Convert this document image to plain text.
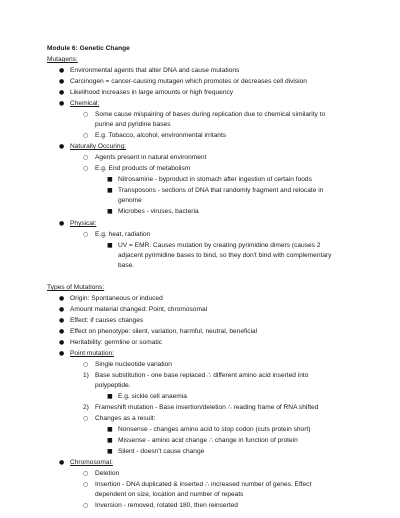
Module 6: Genetic Change
Mutagens:
● Environmental agents that alter DNA and cause mutations
● Carcinogen = cancer-causing mutagen which promotes or decreases cell division
● Likelihood increases in large amounts or high frequency
● Chemical:
○ Some cause mispairing of bases during replication due to chemical similarity to
purine and pyridine bases
○ E.g. Tobacco, alcohol, environmental irritants
● Naturally Occuring:
○ Agents present in natural environment
○ E.g. End products of metabolism
■ Nitrosamine - byproduct in stomach after ingestion of certain foods
■ Transposons - sections of DNA that randomly fragment and relocate in
genome
■ Microbes - viruses, bacteria
● Physical:
○ E.g. heat, radiation
■ UV = EMR. Causes mutation by creating pyrimidine dimers (causes 2
adjacent pyrimidine bases to bind, so they don't bind with complementary
base.
Types of Mutations:
● Origin: Spontaneous or induced
● Amount material changed: Point, chromosomal
● Effect: if causes changes
● Effect on phenotype: silent, variation, harmful, neutral, beneficial
● Heritability: germline or somatic
● Point mutation:
○ Single nucleotide variation
1) Base substitution - one base replaced ∴ different amino acid inserted into
polypeptide.
■ E.g. sickle cell anaemia
2) Frameshift mutation - Base insertion/deletion ∴ reading frame of RNA shifted
○ Changes as a result:
■ Nonsense - changes amino acid to stop codon (cuts protein short)
■ Missense - amino acid change ∴ change in function of protein
■ Silent - doesn't cause change
● Chromosomal:
○ Deletion
○ Insertion - DNA duplicated & inserted ∴ increased number of genes. Effect
dependent on size, location and number of repeats
○ Inversion - removed, rotated 180, then reinserted
